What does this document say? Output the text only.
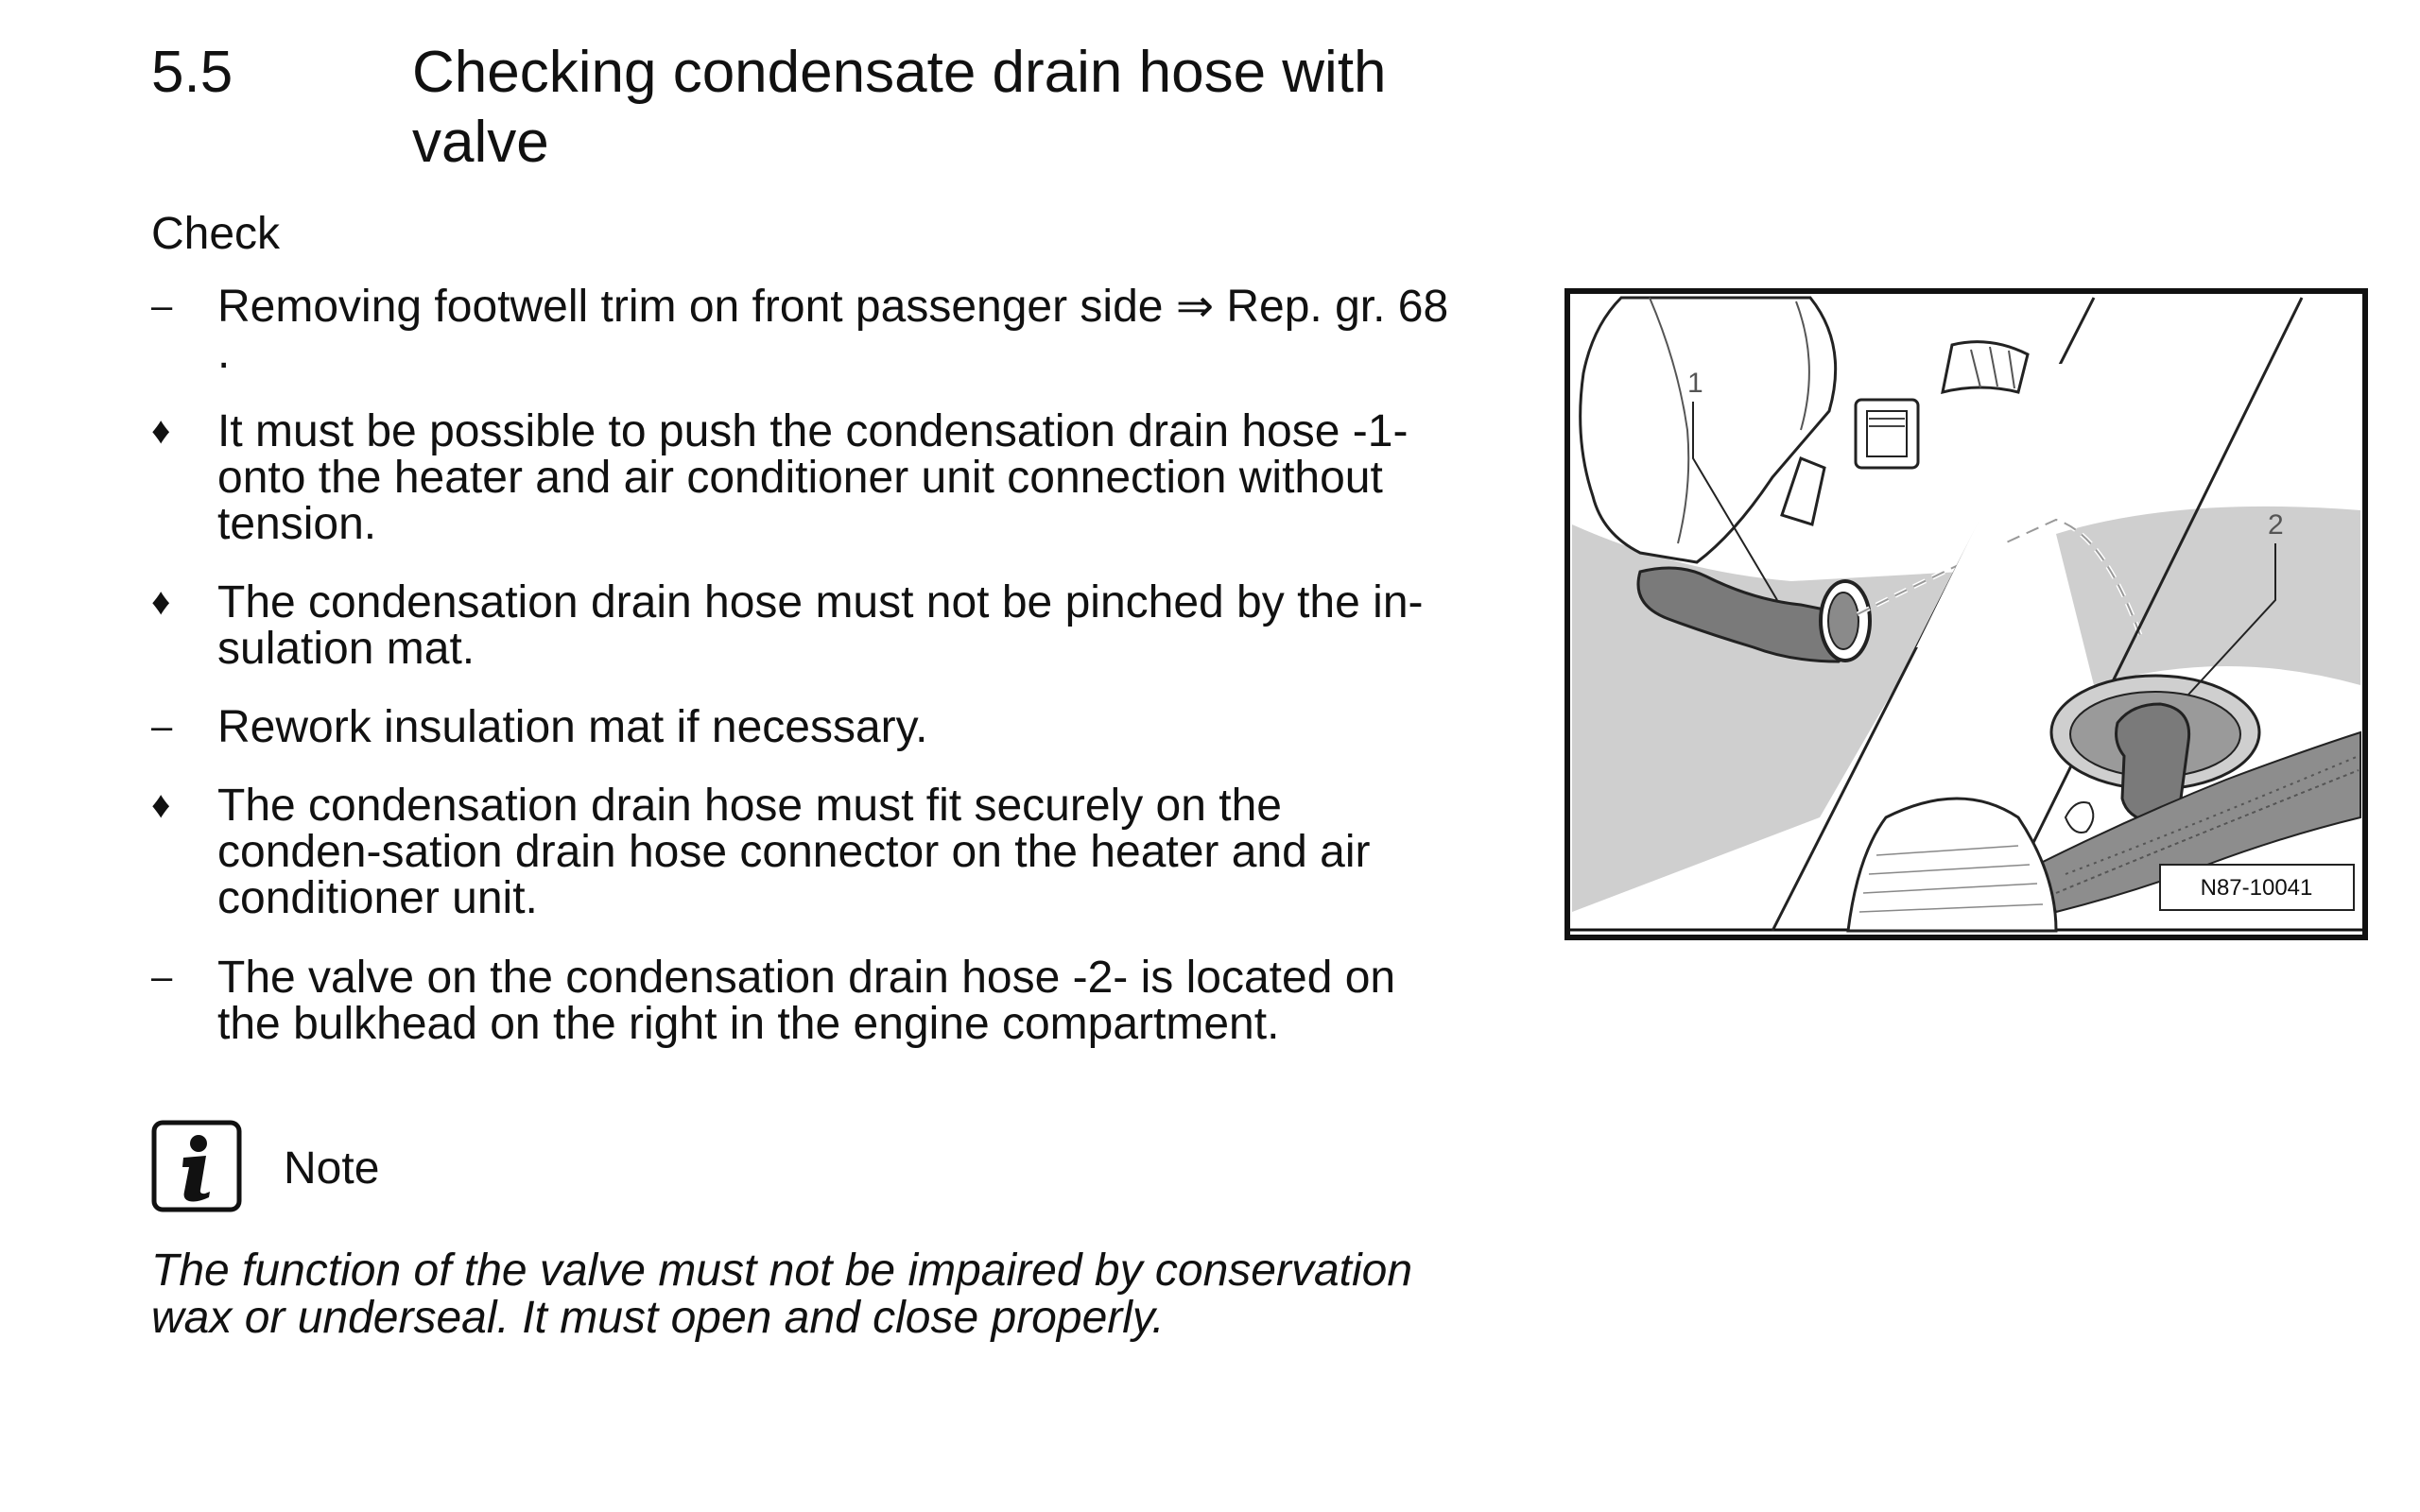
5.5	Checking condensate drain hose with valve
Check
– Removing footwell trim on front passenger side ⇒ Rep. gr. 68 .
♦	It must be possible to push the condensation drain hose -1- onto the heater and air conditioner unit connection without tension.
♦	The condensation drain hose must not be pinched by the in-sulation mat.
– Rework insulation mat if necessary.
♦	The condensation drain hose must fit securely on the conden-sation drain hose connector on the heater and air conditioner unit.
– The valve on the condensation drain hose -2- is located on the bulkhead on the right in the engine compartment.
Note
The function of the valve must not be impaired by conservation wax or underseal. It must open and close properly.
1
2
N87-10041
